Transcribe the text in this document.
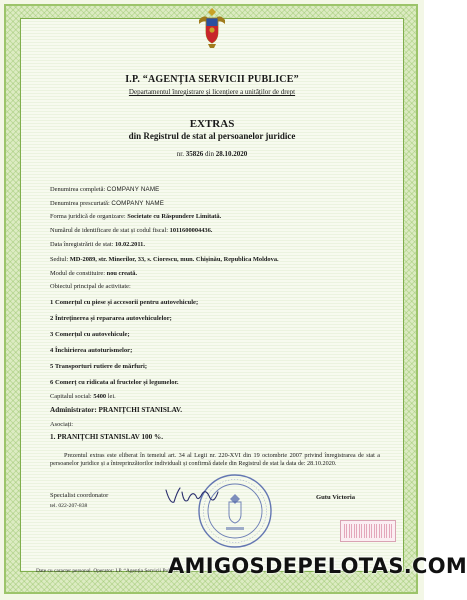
I.P. “AGENȚIA SERVICII PUBLICE”
Departamentul înregistrare și licențiere a unităților de drept
EXTRAS
din Registrul de stat al persoanelor juridice
nr. 35826 din 28.10.2020
Denumirea completă: COMPANY NAME
Denumirea prescurtată: COMPANY NAME
Forma juridică de organizare: Societate cu Răspundere Limitată.
Numărul de identificare de stat și codul fiscal: 1011600004436.
Data înregistrării de stat: 10.02.2011.
Sediul: MD-2089, str. Minerilor, 33, s. Ciorescu, mun. Chișinău, Republica Moldova.
Modul de constituire: nou creată.
Obiectul principal de activitate:
1 Comerțul cu piese și accesorii pentru autovehicule;
2 Întreținerea și repararea autovehiculelor;
3 Comerțul cu autovehicule;
4 Închirierea autoturismelor;
5 Transporturi rutiere de mărfuri;
6 Comerț cu ridicata al fructelor și legumelor.
Capitalul social: 5400 lei.
Administrator: PRANIȚCHI STANISLAV.
Asociați:
1. PRANIȚCHI STANISLAV 100 %.
Prezentul extras este eliberat în temeiul art. 34 al Legii nr. 220-XVI din 19 octombrie 2007 privind înregistrarea de stat a persoanelor juridice și a întreprinzătorilor individuali și confirmă datele din Registrul de stat la data de: 28.10.2020.
Specialist coordonator
tel. 022-207-838
Gutu Victoria
Date cu caracter personal. Operator: I.P. “Agenția Servicii Publice”
AMIGOSDEPELOTAS.COM
